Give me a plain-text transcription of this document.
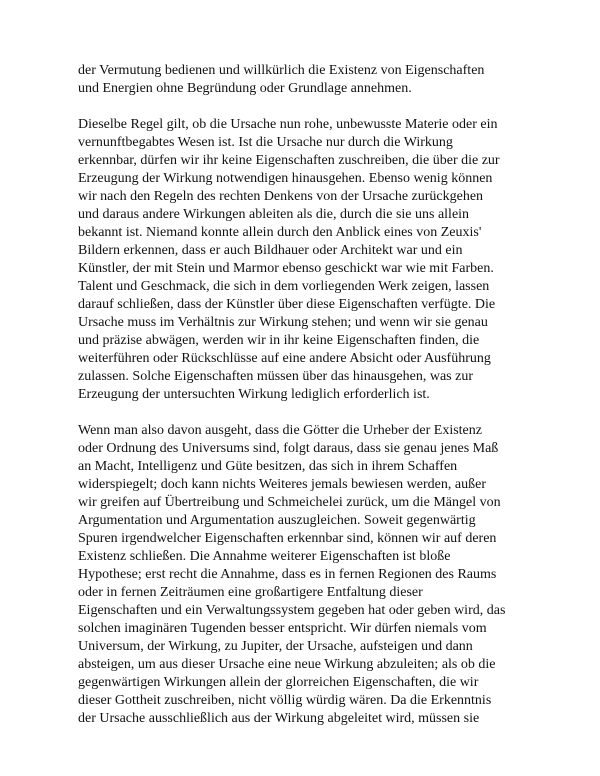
der Vermutung bedienen und willkürlich die Existenz von Eigenschaften
und Energien ohne Begründung oder Grundlage annehmen.

Dieselbe Regel gilt, ob die Ursache nun rohe, unbewusste Materie oder ein
vernunftbegabtes Wesen ist. Ist die Ursache nur durch die Wirkung
erkennbar, dürfen wir ihr keine Eigenschaften zuschreiben, die über die zur
Erzeugung der Wirkung notwendigen hinausgehen. Ebenso wenig können
wir nach den Regeln des rechten Denkens von der Ursache zurückgehen
und daraus andere Wirkungen ableiten als die, durch die sie uns allein
bekannt ist. Niemand konnte allein durch den Anblick eines von Zeuxis'
Bildern erkennen, dass er auch Bildhauer oder Architekt war und ein
Künstler, der mit Stein und Marmor ebenso geschickt war wie mit Farben.
Talent und Geschmack, die sich in dem vorliegenden Werk zeigen, lassen
darauf schließen, dass der Künstler über diese Eigenschaften verfügte. Die
Ursache muss im Verhältnis zur Wirkung stehen; und wenn wir sie genau
und präzise abwägen, werden wir in ihr keine Eigenschaften finden, die
weiterführen oder Rückschlüsse auf eine andere Absicht oder Ausführung
zulassen. Solche Eigenschaften müssen über das hinausgehen, was zur
Erzeugung der untersuchten Wirkung lediglich erforderlich ist.

Wenn man also davon ausgeht, dass die Götter die Urheber der Existenz
oder Ordnung des Universums sind, folgt daraus, dass sie genau jenes Maß
an Macht, Intelligenz und Güte besitzen, das sich in ihrem Schaffen
widerspiegelt; doch kann nichts Weiteres jemals bewiesen werden, außer
wir greifen auf Übertreibung und Schmeichelei zurück, um die Mängel von
Argumentation und Argumentation auszugleichen. Soweit gegenwärtig
Spuren irgendwelcher Eigenschaften erkennbar sind, können wir auf deren
Existenz schließen. Die Annahme weiterer Eigenschaften ist bloße
Hypothese; erst recht die Annahme, dass es in fernen Regionen des Raums
oder in fernen Zeiträumen eine großartigere Entfaltung dieser
Eigenschaften und ein Verwaltungssystem gegeben hat oder geben wird, das
solchen imaginären Tugenden besser entspricht. Wir dürfen niemals vom
Universum, der Wirkung, zu Jupiter, der Ursache, aufsteigen und dann
absteigen, um aus dieser Ursache eine neue Wirkung abzuleiten; als ob die
gegenwärtigen Wirkungen allein der glorreichen Eigenschaften, die wir
dieser Gottheit zuschreiben, nicht völlig würdig wären. Da die Erkenntnis
der Ursache ausschließlich aus der Wirkung abgeleitet wird, müssen sie
